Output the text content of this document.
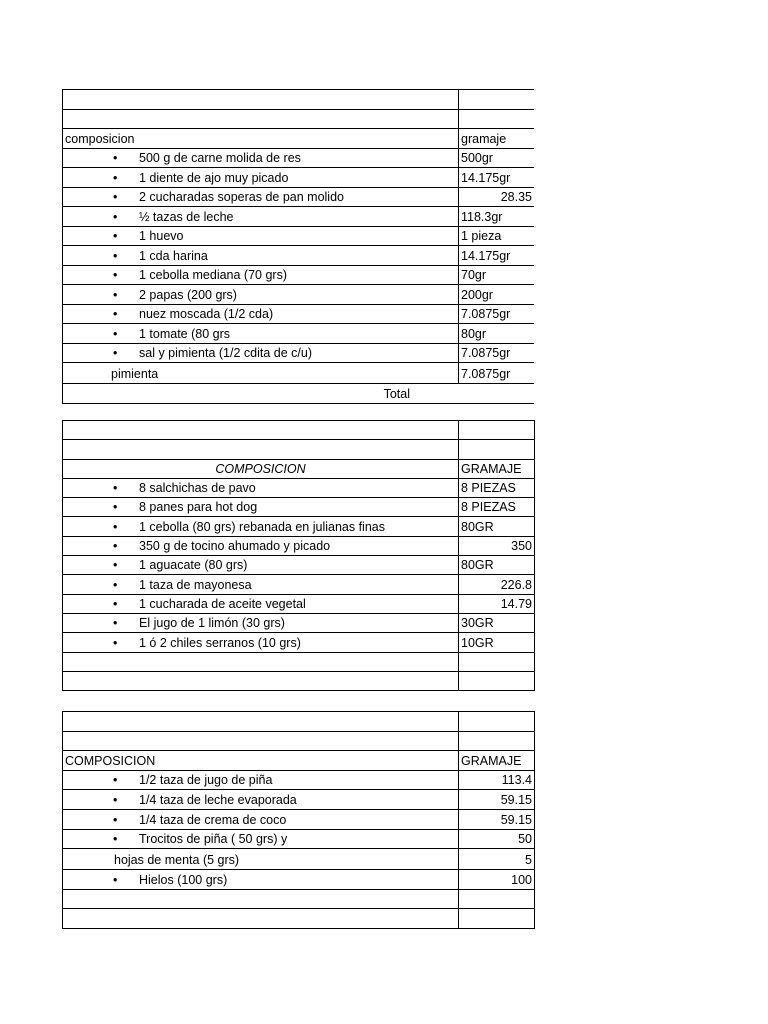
composicion	gramaje
• 500 g de carne molida de res	500gr
• 1 diente de ajo muy picado	14.175gr
• 2 cucharadas soperas de pan molido	28.35
• ½ tazas de leche	118.3gr
• 1 huevo	1 pieza
• 1 cda harina	14.175gr
• 1 cebolla mediana (70 grs)	70gr
• 2 papas (200 grs)	200gr
• nuez moscada (1/2 cda)	7.0875gr
• 1 tomate (80 grs	80gr
• sal y pimienta (1/2 cdita de c/u)	7.0875gr
pimienta	7.0875gr
Total	

COMPOSICION	GRAMAJE
• 8 salchichas de pavo	8 PIEZAS
• 8 panes para hot dog	8 PIEZAS
• 1 cebolla (80 grs) rebanada en julianas finas	80GR
• 350 g de tocino ahumado y picado	350
• 1 aguacate (80 grs)	80GR
• 1 taza de mayonesa	226.8
• 1 cucharada de aceite vegetal	14.79
• El jugo de 1 limón (30 grs)	30GR
• 1 ó 2 chiles serranos (10 grs)	10GR

COMPOSICION	GRAMAJE
• 1/2 taza de jugo de piña	113.4
• 1/4 taza de leche evaporada	59.15
• 1/4 taza de crema de coco	59.15
• Trocitos de piña ( 50 grs) y	50
hojas de menta (5 grs)	5
• Hielos (100 grs)	100
